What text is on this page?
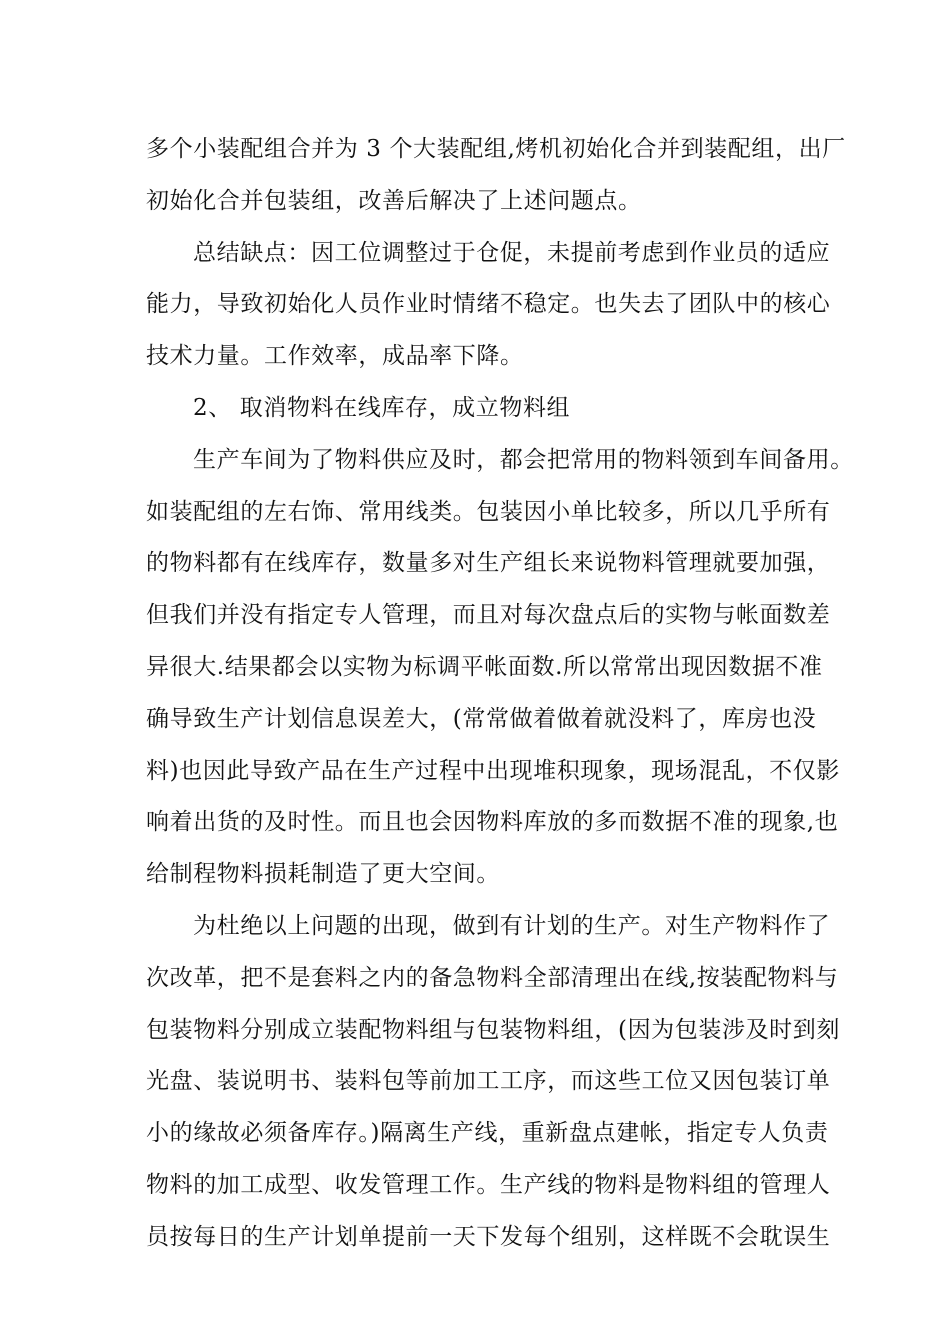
多个小装配组合并为 3 个大装配组,烤机初始化合并到装配组，出厂
初始化合并包装组，改善后解决了上述问题点。
总结缺点：因工位调整过于仓促，未提前考虑到作业员的适应
能力，导致初始化人员作业时情绪不稳定。也失去了团队中的核心
技术力量。工作效率，成品率下降。
2、 取消物料在线库存，成立物料组
生产车间为了物料供应及时，都会把常用的物料领到车间备用。
如装配组的左右饰、常用线类。包装因小单比较多，所以几乎所有
的物料都有在线库存，数量多对生产组长来说物料管理就要加强，
但我们并没有指定专人管理，而且对每次盘点后的实物与帐面数差
异很大.结果都会以实物为标调平帐面数.所以常常出现因数据不准
确导致生产计划信息误差大，(常常做着做着就没料了，库房也没
料)也因此导致产品在生产过程中出现堆积现象，现场混乱，不仅影
响着出货的及时性。而且也会因物料库放的多而数据不准的现象,也
给制程物料损耗制造了更大空间。
为杜绝以上问题的出现，做到有计划的生产。对生产物料作了
次改革，把不是套料之内的备急物料全部清理出在线,按装配物料与
包装物料分别成立装配物料组与包装物料组，(因为包装涉及时到刻
光盘、装说明书、装料包等前加工工序，而这些工位又因包装订单
小的缘故必须备库存。)隔离生产线，重新盘点建帐，指定专人负责
物料的加工成型、收发管理工作。生产线的物料是物料组的管理人
员按每日的生产计划单提前一天下发每个组别，这样既不会耽误生
